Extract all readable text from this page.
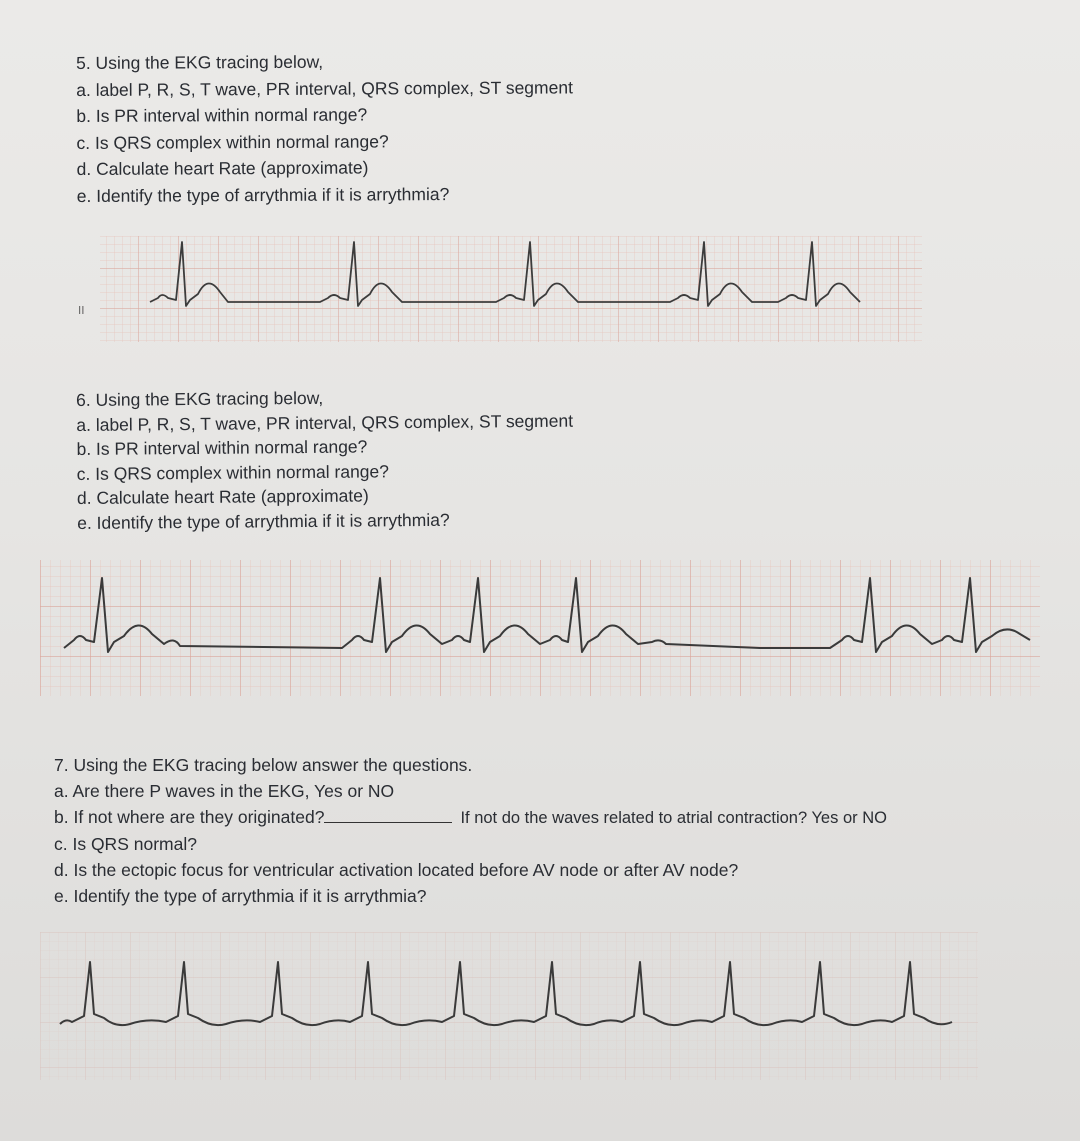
5. Using the EKG tracing below,
a. label P, R, S, T wave, PR interval, QRS complex, ST segment
b. Is PR interval within normal range?
c. Is QRS complex within normal range?
d. Calculate heart Rate (approximate)
e. Identify the type of arrythmia if it is arrythmia?
II
6. Using the EKG tracing below,
a. label P, R, S, T wave, PR interval, QRS complex, ST segment
b. Is PR interval within normal range?
c. Is QRS complex within normal range?
d. Calculate heart Rate (approximate)
e. Identify the type of arrythmia if it is arrythmia?
7. Using the EKG tracing below answer the questions.
a. Are there P waves in the EKG, Yes or NO
b. If not where are they originated?	If not do the waves related to atrial contraction? Yes or NO
c. Is QRS normal?
d. Is the ectopic focus for ventricular activation located before AV node or after AV node?
e. Identify the type of arrythmia if it is arrythmia?
